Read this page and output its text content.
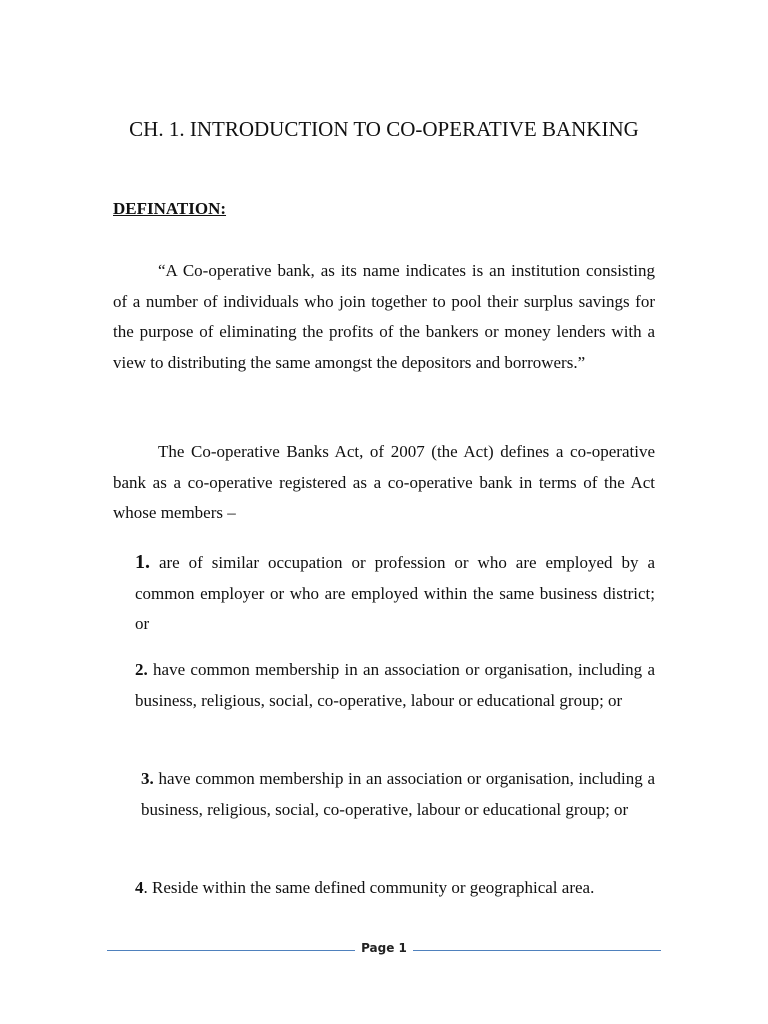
CH. 1. INTRODUCTION TO CO-OPERATIVE BANKING
DEFINATION:

“A Co-operative bank, as its name indicates is an institution consisting of a number of individuals who join together to pool their surplus savings for the purpose of eliminating the profits of the bankers or money lenders with a view to distributing the same amongst the depositors and borrowers.”

The Co-operative Banks Act, of 2007 (the Act) defines a co-operative bank as a co-operative registered as a co-operative bank in terms of the Act whose members –

1. are of similar occupation or profession or who are employed by a common employer or who are employed within the same business district; or

2. have common membership in an association or organisation, including a business, religious, social, co-operative, labour or educational group; or

3. have common membership in an association or organisation, including a business, religious, social, co-operative, labour or educational group; or

4. Reside within the same defined community or geographical area.

Page 1
